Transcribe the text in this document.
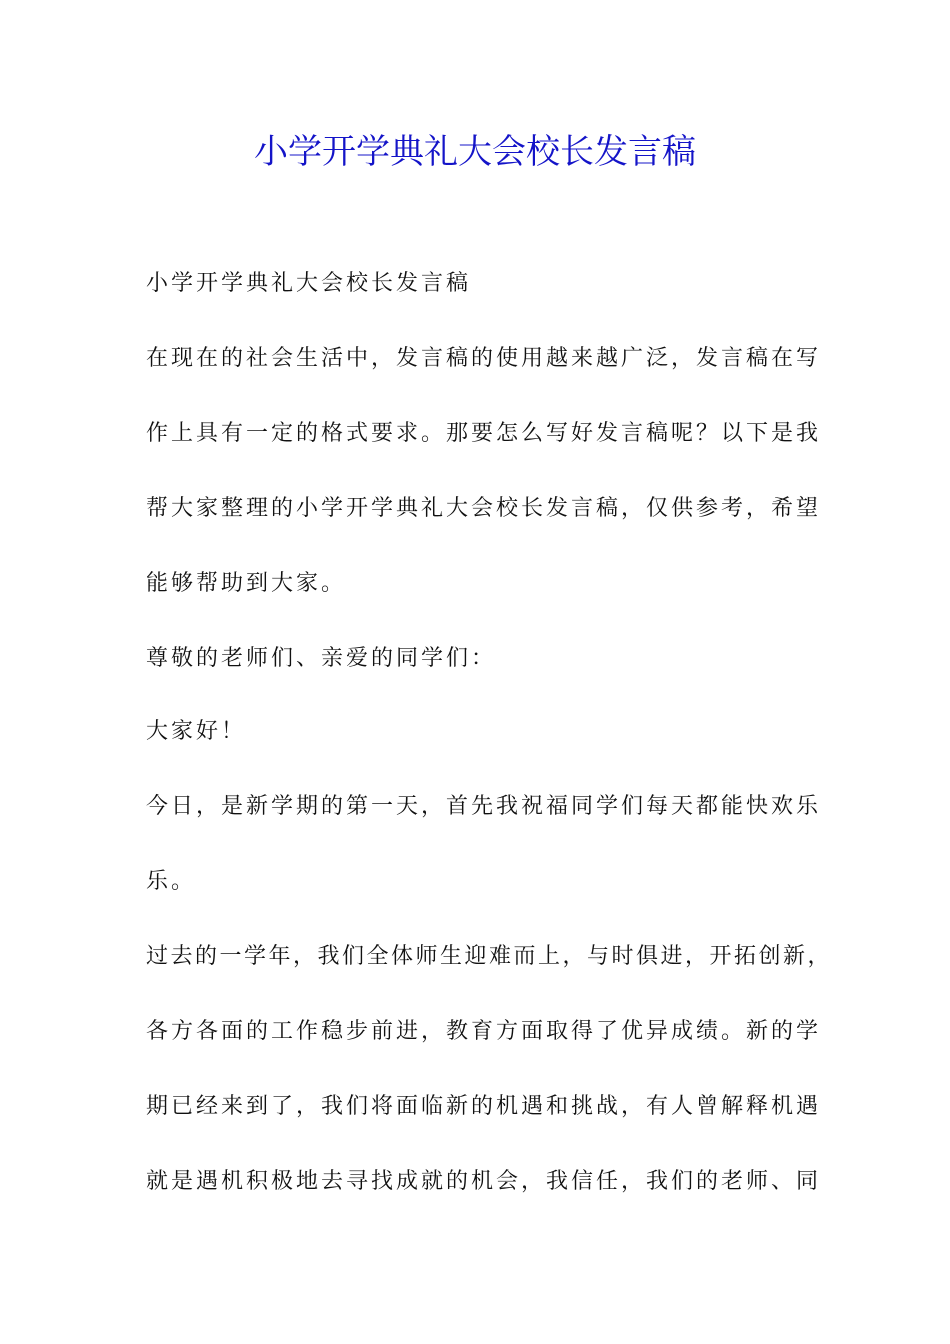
小学开学典礼大会校长发言稿
小学开学典礼大会校长发言稿
在现在的社会生活中，发言稿的使用越来越广泛，发言稿在写
作上具有一定的格式要求。那要怎么写好发言稿呢？以下是我
帮大家整理的小学开学典礼大会校长发言稿，仅供参考，希望
能够帮助到大家。
尊敬的老师们、亲爱的同学们：
大家好！
今日，是新学期的第一天，首先我祝福同学们每天都能快欢乐
乐。
过去的一学年，我们全体师生迎难而上，与时俱进，开拓创新，
各方各面的工作稳步前进，教育方面取得了优异成绩。新的学
期已经来到了，我们将面临新的机遇和挑战，有人曾解释机遇
就是遇机积极地去寻找成就的机会，我信任，我们的老师、同
